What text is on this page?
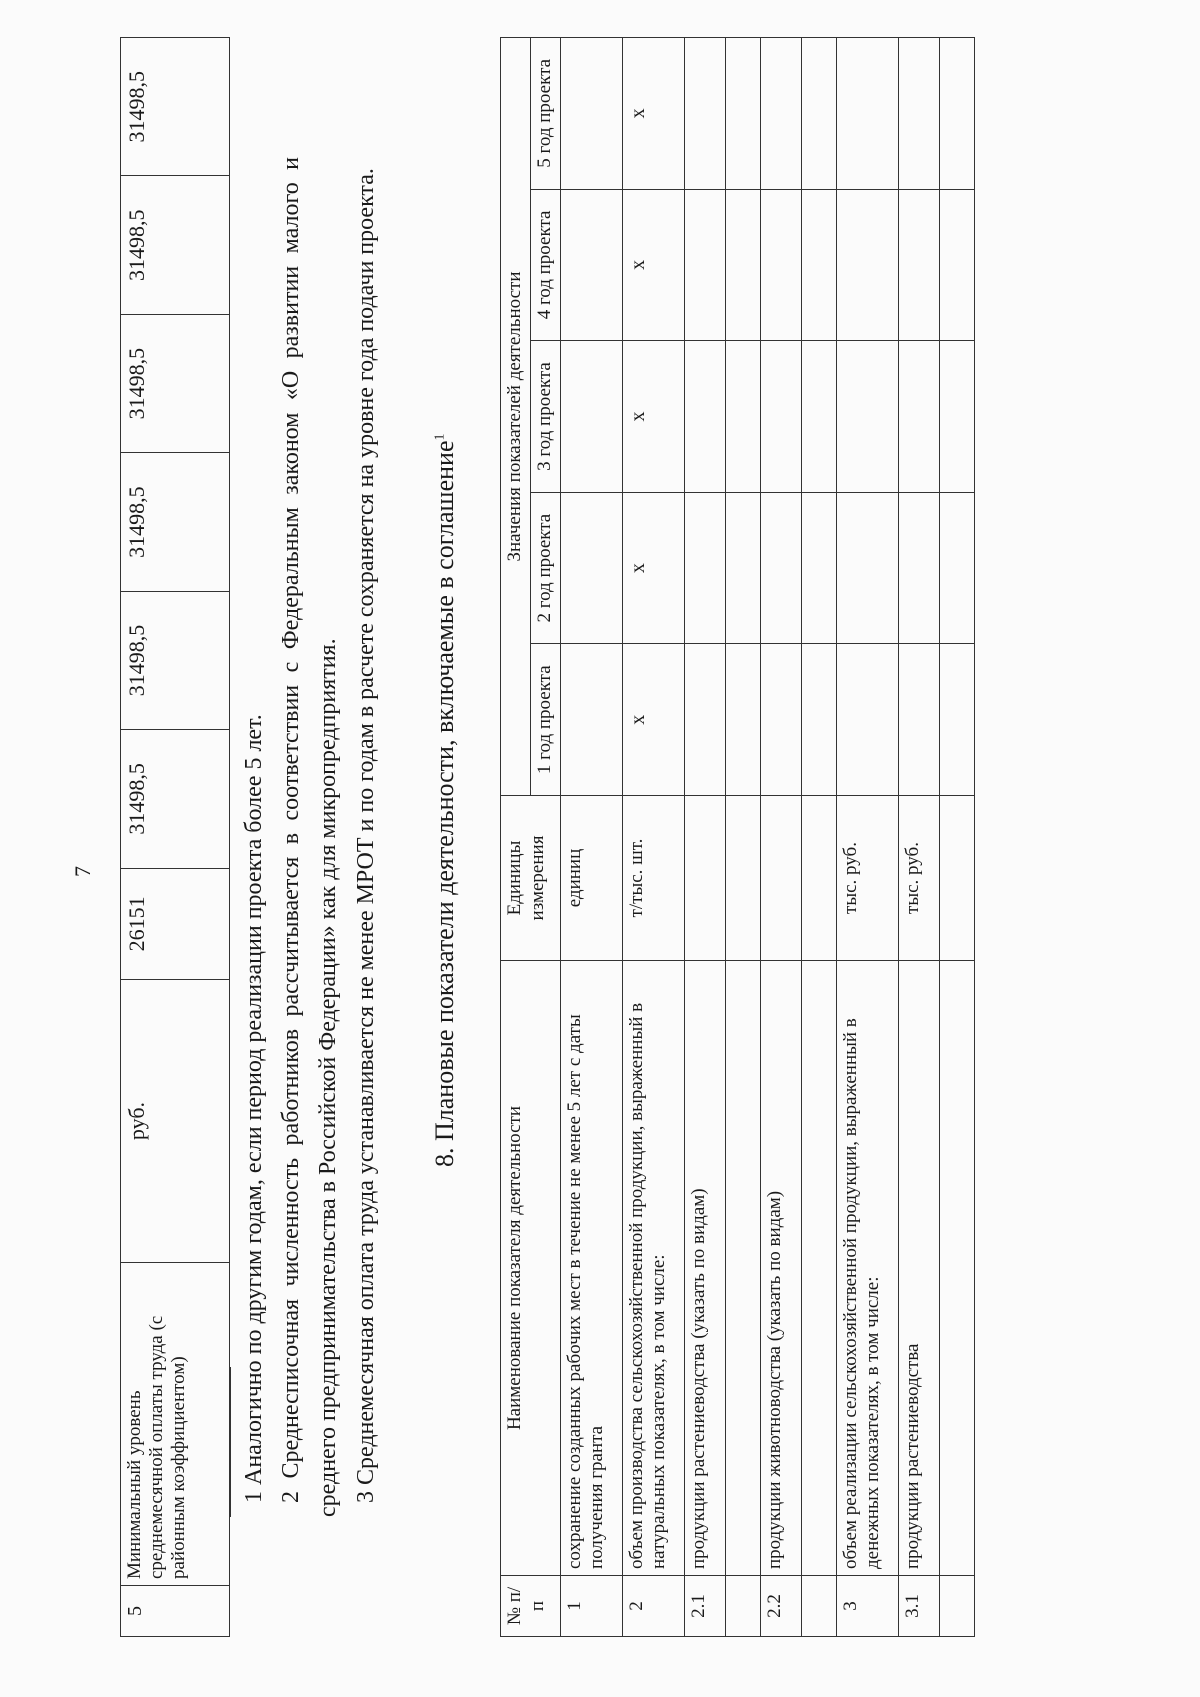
7
5	Минимальный уровень среднемесячной оплаты труда (с районным коэффициентом)	руб.	26151	31498,5	31498,5	31498,5	31498,5	31498,5	31498,5

1 Аналогично по другим годам, если период реализации проекта более 5 лет. 2 Среднесписочная численность работников рассчитывается в соответствии с Федеральным законом «О развитии малого и среднего предпринимательства в Российской Федерации» как для микропредприятия. 3 Среднемесячная оплата труда устанавливается не менее МРОТ и по годам в расчете сохраняется на уровне года подачи проекта. 8. Плановые показатели деятельности, включаемые в соглашение$^1$
№ п/п	Наименование показателя деятельности	Единицы измерения	Значения показателей деятельности				
			1 год проекта	2 год проекта	3 год проекта	4 год проекта	5 год проекта
1	сохранение созданных рабочих мест в течение не менее 5 лет с даты получения гранта	единиц					
2	объем производства сельскохозяйственной продукции, выраженный в натуральных показателях, в том числе:	т/тыс. шт.	х	х	х	х	х
2.1	продукции растениеводства (указать по видам)						

2.2	продукции животноводства (указать по видам)						

3	объем реализации сельскохозяйственной продукции, выраженный в денежных показателях, в том числе:	тыс. руб.					
3.1	продукции растениеводства	тыс. руб.					
